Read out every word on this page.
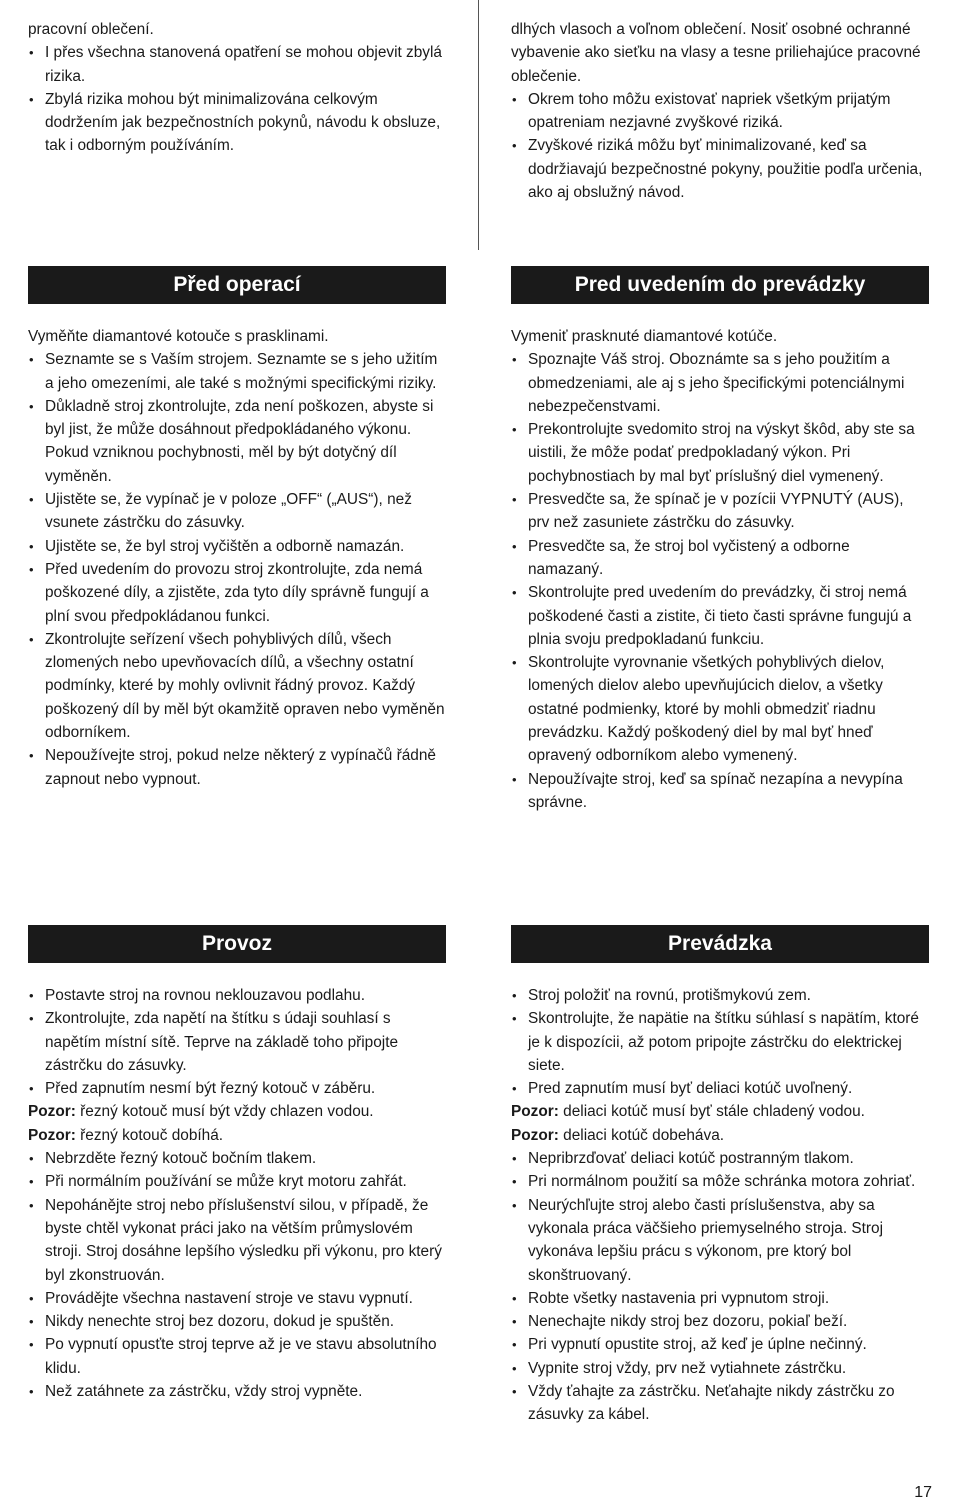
pracovní oblečení.
• I přes všechna stanovená opatření se mohou objevit zbylá rizika.
• Zbylá rizika mohou být minimalizována celkovým dodržením jak bezpečnostních pokynů, návodu k obsluze, tak i odborným používáním.
dlhých vlasoch a voľnom oblečení. Nosiť osobné ochranné vybavenie ako sieťku na vlasy a tesne priliehajúce pracovné oblečenie.
• Okrem toho môžu existovať napriek všetkým prijatým opatreniam nezjavné zvyškové riziká.
• Zvyškové riziká môžu byť minimalizované, keď sa dodržiavajú bezpečnostné pokyny, použitie podľa určenia, ako aj obslužný návod.
Před operací	Pred uvedením do prevádzky
Vyměňte diamantové kotouče s prasklinami.
• Seznamte se s Vaším strojem. Seznamte se s jeho užitím a jeho omezeními, ale také s možnými specifickými riziky.
• Důkladně stroj zkontrolujte, zda není poškozen, abyste si byl jist, že může dosáhnout předpokládaného výkonu. Pokud vzniknou pochybnosti, měl by být dotyčný díl vyměněn.
• Ujistěte se, že vypínač je v poloze „OFF“ („AUS“), než vsunete zástrčku do zásuvky.
• Ujistěte se, že byl stroj vyčištěn a odborně namazán.
• Před uvedením do provozu stroj zkontrolujte, zda nemá poškozené díly, a zjistěte, zda tyto díly správně fungují a plní svou předpokládanou funkci.
• Zkontrolujte seřízení všech pohyblivých dílů, všech zlomených nebo upevňovacích dílů, a všechny ostatní podmínky, které by mohly ovlivnit řádný provoz. Každý poškozený díl by měl být okamžitě opraven nebo vyměněn odborníkem.
• Nepoužívejte stroj, pokud nelze některý z vypínačů řádně zapnout nebo vypnout.
Vymeniť prasknuté diamantové kotúče.
• Spoznajte Váš stroj. Oboznámte sa s jeho použitím a obmedzeniami, ale aj s jeho špecifickými potenciálnymi nebezpečenstvami.
• Prekontrolujte svedomito stroj na výskyt škôd, aby ste sa uistili, že môže podať predpokladaný výkon. Pri pochybnostiach by mal byť príslušný diel vymenený.
• Presvedčte sa, že spínač je v pozícii VYPNUTÝ (AUS), prv než zasuniete zástrčku do zásuvky.
• Presvedčte sa, že stroj bol vyčistený a odborne namazaný.
• Skontrolujte pred uvedením do prevádzky, či stroj nemá poškodené časti a zistite, či tieto časti správne fungujú a plnia svoju predpokladanú funkciu.
• Skontrolujte vyrovnanie všetkých pohyblivých dielov, lomených dielov alebo upevňujúcich dielov, a všetky ostatné podmienky, ktoré by mohli obmedziť riadnu prevádzku. Každý poškodený diel by mal byť hneď opravený odborníkom alebo vymenený.
• Nepoužívajte stroj, keď sa spínač nezapína a nevypína správne.
Provoz	Prevádzka
• Postavte stroj na rovnou neklouzavou podlahu.
• Zkontrolujte, zda napětí na štítku s údaji souhlasí s napětím místní sítě. Teprve na základě toho připojte zástrčku do zásuvky.
• Před zapnutím nesmí být řezný kotouč v záběru.
Pozor: řezný kotouč musí být vždy chlazen vodou.
Pozor: řezný kotouč dobíhá.
• Nebrzděte řezný kotouč bočním tlakem.
• Při normálním používání se může kryt motoru zahřát.
• Nepoháněјte stroj nebo příslušenství silou, v případě, že byste chtěl vykonat práci jako na větším průmyslovém stroji. Stroj dosáhne lepšího výsledku při výkonu, pro který byl zkonstruován.
• Provádějte všechna nastavení stroje ve stavu vypnutí.
• Nikdy nenechte stroj bez dozoru, dokud je spuštěn.
• Po vypnutí opusťte stroj teprve až je ve stavu absolutního klidu.
• Než zatáhnete za zástrčku, vždy stroj vypněte.
• Stroj položiť na rovnú, protišmykovú zem.
• Skontrolujte, že napätie na štítku súhlasí s napätím, ktoré je k dispozícii, až potom pripojte zástrčku do elektrickej siete.
• Pred zapnutím musí byť deliaci kotúč uvoľnený.
Pozor: deliaci kotúč musí byť stále chladený vodou.
Pozor: deliaci kotúč dobeháva.
• Nepribrzďovať deliaci kotúč postranným tlakom.
• Pri normálnom použití sa môže schránka motora zohriať.
• Neurýchľujte stroj alebo časti príslušenstva, aby sa vykonala práca väčšieho priemyselného stroja. Stroj vykonáva lepšiu prácu s výkonom, pre ktorý bol skonštruovaný.
• Robte všetky nastavenia pri vypnutom stroji.
• Nenechajte nikdy stroj bez dozoru, pokiaľ beží.
• Pri vypnutí opustite stroj, až keď je úplne nečinný.
• Vypnite stroj vždy, prv než vytiahnete zástrčku.
• Vždy ťahajte za zástrčku. Neťahajte nikdy zástrčku zo zásuvky za kábel.
17
